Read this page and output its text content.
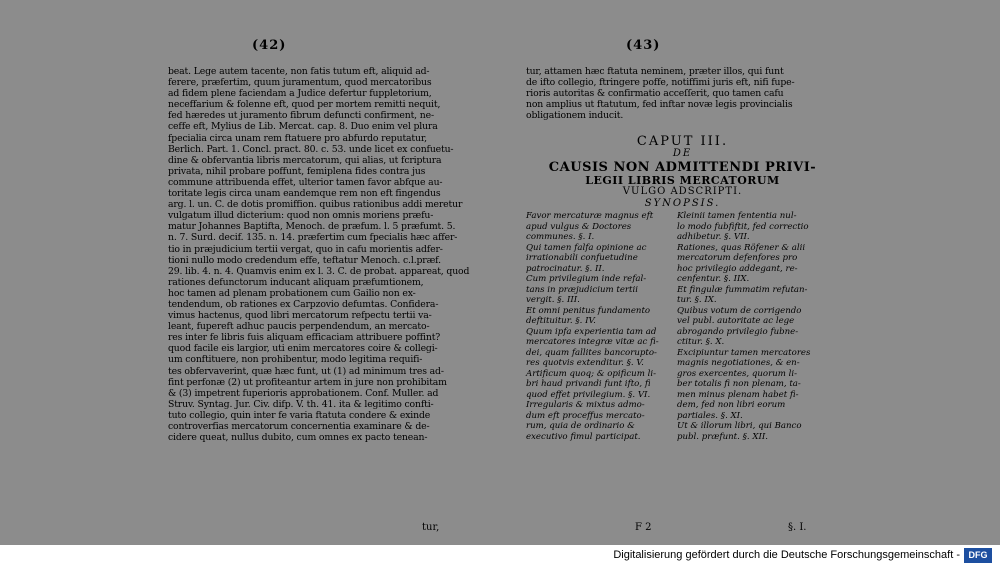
(42)
beat. Lege autem tacente, non fatis tutum eft, aliquid ad-
ferere, præfertim, quum juramentum, quod mercatoribus
ad fidem plene faciendam a Judice defertur fuppletorium,
neceffarium & folenne eft, quod per mortem remitti nequit,
fed hæredes ut juramento fibrum defuncti confirment, ne-
ceffe eft, Mylius de Lib. Mercat. cap. 8. Duo enim vel plura
fpecialia circa unam rem ftatuere pro abfurdo reputatur,
Berlich. Part. 1. Concl. pract. 80. c. 53. unde licet ex confuetu-
dine & obfervantia libris mercatorum, qui alias, ut fcriptura
privata, nihil probare poffunt, femiplena fides contra jus
commune attribuenda effet, ulterior tamen favor abfque au-
toritate legis circa unam eandemque rem non eft fingendus
arg. l. un. C. de dotis promiffion. quibus rationibus addi meretur
vulgatum illud dicterium: quod non omnis moriens præfu-
matur Johannes Baptifta, Menoch. de præfum. l. 5 præfumt. 5.
n. 7. Surd. decif. 135. n. 14. præfertim cum fpecialis hæc affer-
tio in præjudicium tertii vergat, quo in cafu morientis adfer-
tioni nullo modo credendum effe, teftatur Menoch. c.l.præf.
29. lib. 4. n. 4. Quamvis enim ex l. 3. C. de probat. appareat, quod
rationes defunctorum inducant aliquam præfumtionem,
hoc tamen ad plenam probationem cum Gailio non ex-
tendendum, ob rationes ex Carpzovio defumtas. Confidera-
vimus hactenus, quod libri mercatorum refpectu tertii va-
leant, fupereft adhuc paucis perpendendum, an mercato-
res inter fe libris fuis aliquam efficaciam attribuere poffint?
quod facile eis largior, uti enim mercatores coire & collegi-
um conftituere, non prohibentur, modo legitima requifi-
tes obfervaverint, quæ hæc funt, ut (1) ad minimum tres ad-
fint perfonæ (2) ut profiteantur artem in jure non prohibitam
& (3) impetrent fuperioris approbationem. Conf. Muller. ad
Struv. Syntag. Jur. Civ. difp. V. th. 41. ita & legitimo confti-
tuto collegio, quin inter fe varia ftatuta condere & exinde
controverfias mercatorum concernentia examinare & de-
cidere queat, nullus dubito, cum omnes ex pacto tenean-
tur,
(43)
tur, attamen hæc ftatuta neminem, præter illos, qui funt
de ifto collegio, ftringere poffe, notiffimi juris eft, nifi fupe-
rioris autoritas & confirmatio acceſſerit, quo tamen cafu
non amplius ut ftatutum, fed inftar novæ legis provincialis
obligationem inducit.
CAPUT III.
DE
CAUSIS NON ADMITTENDI PRIVI-
LEGII LIBRIS MERCATORUM
VULGO ADSCRIPTI.
SYNOPSIS.
Favor mercaturæ magnus eft
apud vulgus & Doctores
communes. §. I.
Qui tamen falfa opinione ac
irrationabili confuetudine
patrocinatur. §. II.
Cum privilegium inde refal-
tans in præjudicium tertii
vergit. §. III.
Et omni penitus fundamento
deftituitur. §. IV.
Quum ipfa experientia tam ad
mercatores integræ vitæ ac fi-
dei, quam fallites bancorupto-
res quotvis extenditur. §. V.
Artificum quoq; & opificum li-
bri haud privandi funt ifto, fi
quod effet privilegium. §. VI.
Irregularis & mixtus admo-
dum eft proceffus mercato-
rum, quia de ordinario &
executivo fimul participat.
Kleinii tamen fententia nul-
lo modo fubfiftit, fed correctio
adhibetur. §. VII.
Rationes, quas Röfener & alii
mercatorum defenfores pro
hoc privilegio addegant, re-
cenfentur. §. IIX.
Et fingulæ fummatim refutan-
tur. §. IX.
Quibus votum de corrigendo
vel publ. autoritate ac lege
abrogando privilegio fubne-
ctitur. §. X.
Excipiuntur tamen mercatores
magnis negotiationes, & en-
gros exercentes, quorum li-
ber totalis fi non plenam, ta-
men minus plenam habet fi-
dem, fed non libri eorum
partiales. §. XI.
Ut & illorum libri, qui Banco
publ. præfunt. §. XII.
F 2	§. I.
Digitalisierung gefördert durch die Deutsche Forschungsgemeinschaft - DFG
